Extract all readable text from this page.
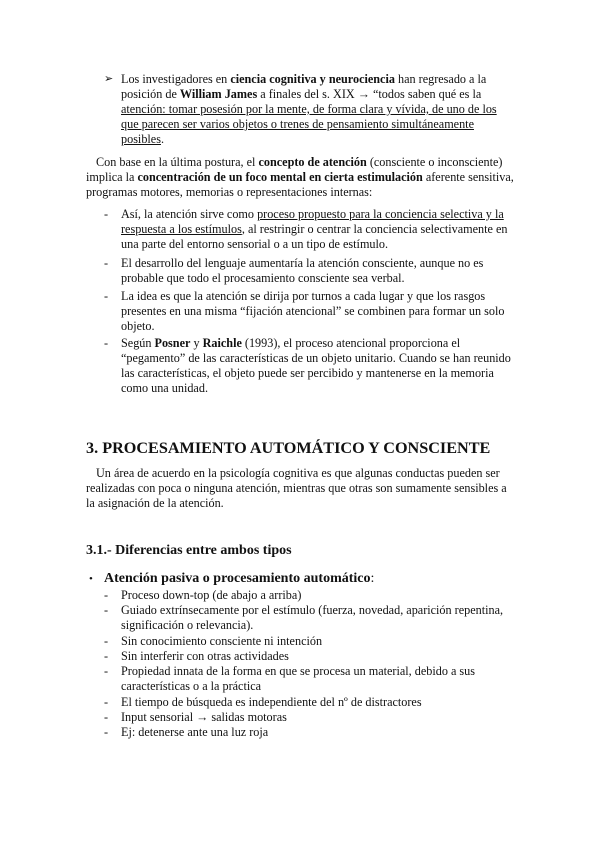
➢ Los investigadores en ciencia cognitiva y neurociencia han regresado a la
posición de William James a finales del s. XIX → “todos saben qué es la
atención: tomar posesión por la mente, de forma clara y vívida, de uno de los
que parecen ser varios objetos o trenes de pensamiento simultáneamente
posibles.
Con base en la última postura, el concepto de atención (consciente o inconsciente)
implica la concentración de un foco mental en cierta estimulación aferente sensitiva,
programas motores, memorias o representaciones internas:
- Así, la atención sirve como proceso propuesto para la conciencia selectiva y la
respuesta a los estímulos, al restringir o centrar la conciencia selectivamente en
una parte del entorno sensorial o a un tipo de estímulo.
- El desarrollo del lenguaje aumentaría la atención consciente, aunque no es
probable que todo el procesamiento consciente sea verbal.
- La idea es que la atención se dirija por turnos a cada lugar y que los rasgos
presentes en una misma “fijación atencional” se combinen para formar un solo
objeto.
- Según Posner y Raichle (1993), el proceso atencional proporciona el
“pegamento” de las características de un objeto unitario. Cuando se han reunido
las características, el objeto puede ser percibido y mantenerse en la memoria
como una unidad.
3. PROCESAMIENTO AUTOMÁTICO Y CONSCIENTE
Un área de acuerdo en la psicología cognitiva es que algunas conductas pueden ser
realizadas con poca o ninguna atención, mientras que otras son sumamente sensibles a
la asignación de la atención.
3.1.- Diferencias entre ambos tipos
• Atención pasiva o procesamiento automático:
- Proceso down-top (de abajo a arriba)
- Guiado extrínsecamente por el estímulo (fuerza, novedad, aparición repentina,
significación o relevancia).
- Sin conocimiento consciente ni intención
- Sin interferir con otras actividades
- Propiedad innata de la forma en que se procesa un material, debido a sus
características o a la práctica
- El tiempo de búsqueda es independiente del nº de distractores
- Input sensorial → salidas motoras
- Ej: detenerse ante una luz roja
